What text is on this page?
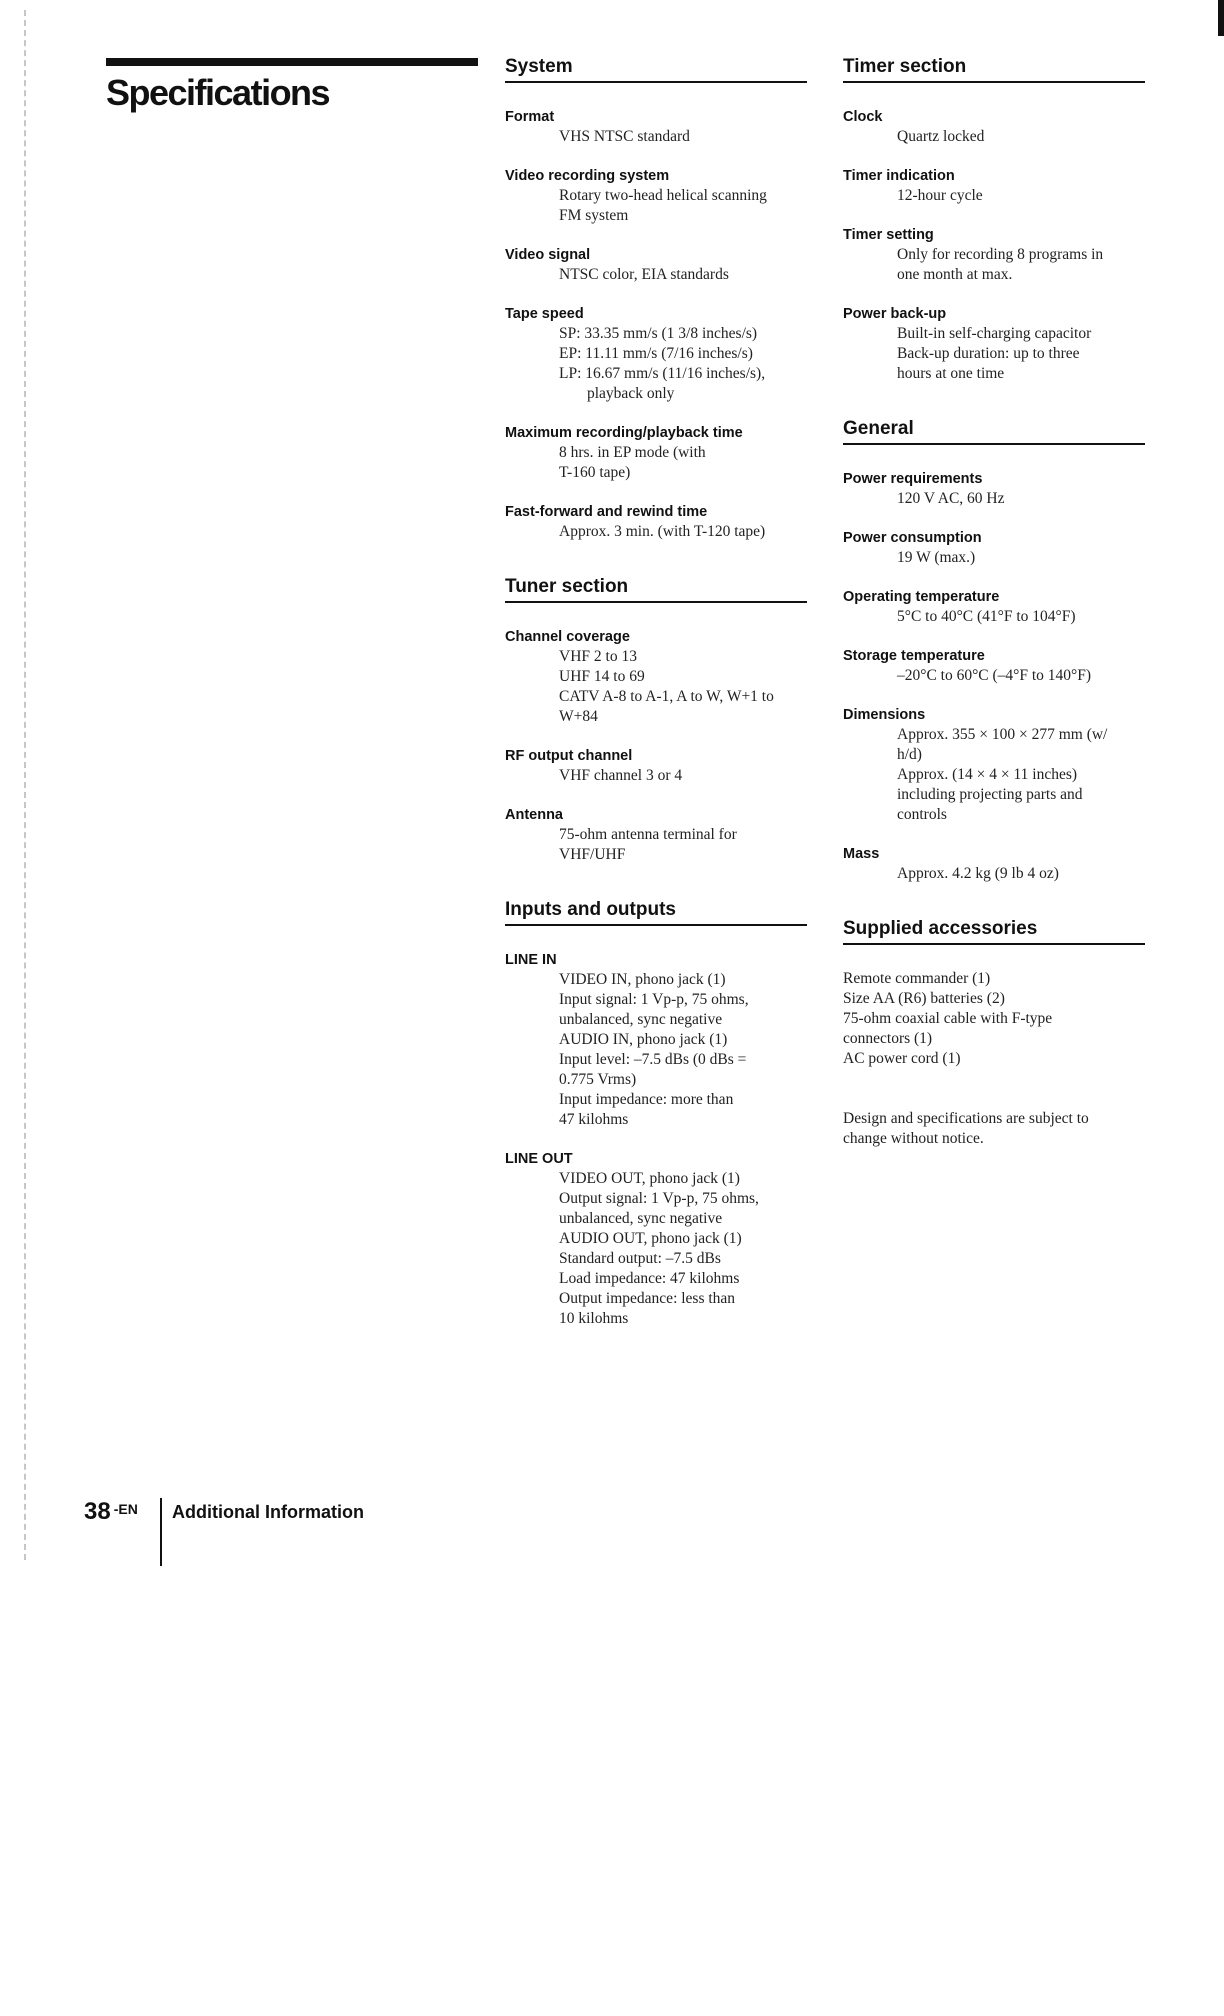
Specifications
System
Format
VHS NTSC standard
Video recording system
Rotary two-head helical scanning
FM system
Video signal
NTSC color, EIA standards
Tape speed
SP: 33.35 mm/s (1 3/8 inches/s)
EP: 11.11 mm/s (7/16 inches/s)
LP: 16.67 mm/s (11/16 inches/s),
playback only
Maximum recording/playback time
8 hrs. in EP mode (with
T-160 tape)
Fast-forward and rewind time
Approx. 3 min. (with T-120 tape)
Tuner section
Channel coverage
VHF 2 to 13
UHF 14 to 69
CATV A-8 to A-1, A to W, W+1 to
W+84
RF output channel
VHF channel 3 or 4
Antenna
75-ohm antenna terminal for
VHF/UHF
Inputs and outputs
LINE IN
VIDEO IN, phono jack (1)
Input signal: 1 Vp-p, 75 ohms,
unbalanced, sync negative
AUDIO IN, phono jack (1)
Input level: –7.5 dBs (0 dBs =
0.775 Vrms)
Input impedance: more than
47 kilohms
LINE OUT
VIDEO OUT, phono jack (1)
Output signal: 1 Vp-p, 75 ohms,
unbalanced, sync negative
AUDIO OUT, phono jack (1)
Standard output: –7.5 dBs
Load impedance: 47 kilohms
Output impedance: less than
10 kilohms
Timer section
Clock
Quartz locked
Timer indication
12-hour cycle
Timer setting
Only for recording 8 programs in
one month at max.
Power back-up
Built-in self-charging capacitor
Back-up duration: up to three
hours at one time
General
Power requirements
120 V AC, 60 Hz
Power consumption
19 W (max.)
Operating temperature
5°C to 40°C (41°F to 104°F)
Storage temperature
–20°C to 60°C (–4°F to 140°F)
Dimensions
Approx. 355 × 100 × 277 mm (w/
h/d)
Approx. (14 × 4 × 11 inches)
including projecting parts and
controls
Mass
Approx. 4.2 kg (9 lb 4 oz)
Supplied accessories
Remote commander (1)
Size AA (R6) batteries (2)
75-ohm coaxial cable with F-type
connectors (1)
AC power cord (1)
Design and specifications are subject to
change without notice.
38 $^{-EN}$ Additional Information
